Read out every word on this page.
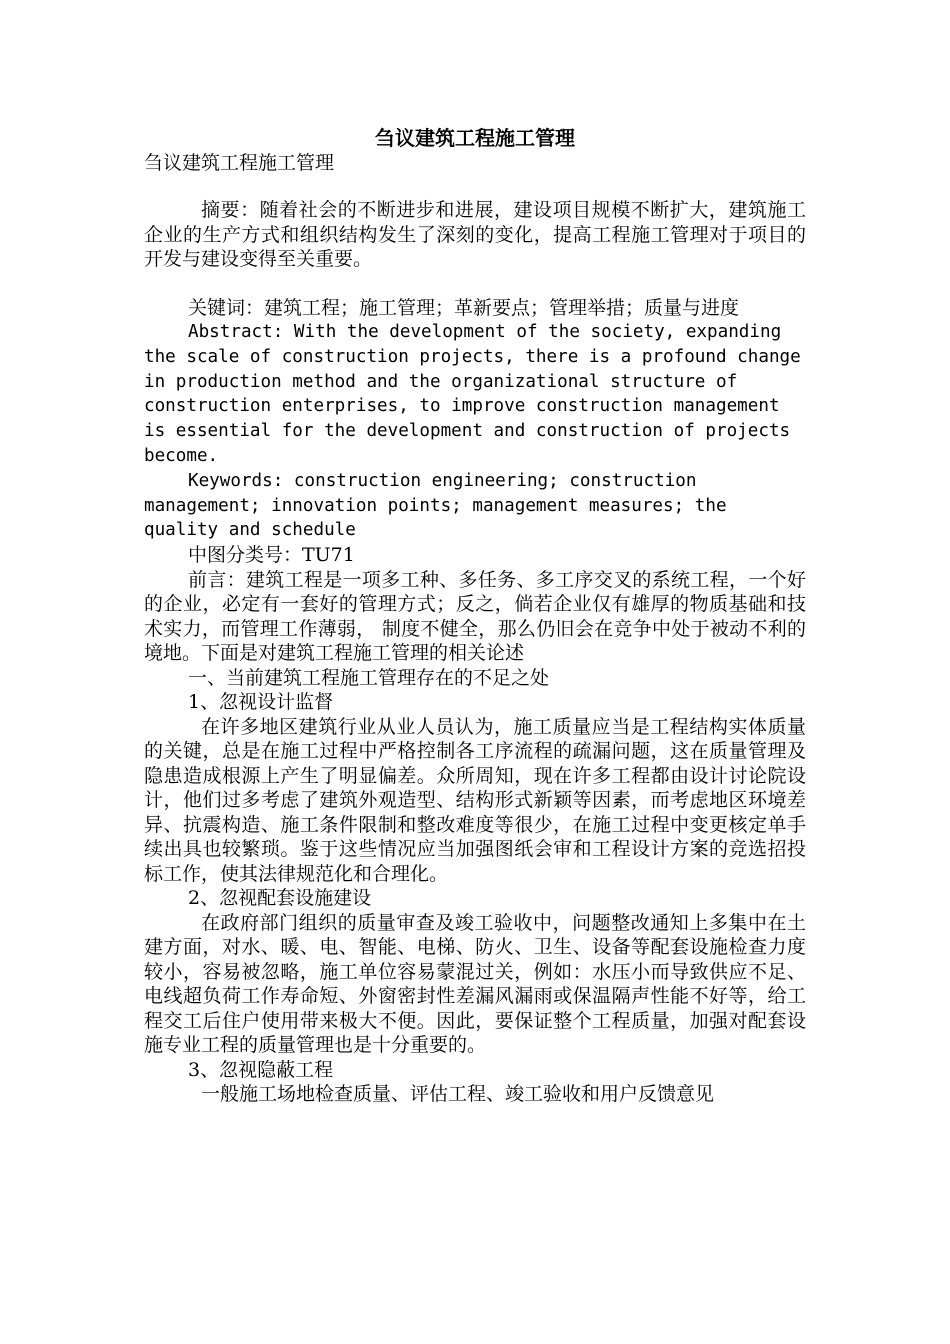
刍议建筑工程施工管理
刍议建筑工程施工管理

摘要：随着社会的不断进步和进展，建设项目规模不断扩大，建筑施工企业的生产方式和组织结构发生了深刻的变化，提高工程施工管理对于项目的开发与建设变得至关重要。

关键词：建筑工程；施工管理；革新要点；管理举措；质量与进度

Abstract: With the development of the society, expanding the scale of construction projects, there is a profound change in production method and the organizational structure of construction enterprises, to improve construction management is essential for the development and construction of projects become.

Keywords: construction engineering; construction management; innovation points; management measures; the quality and schedule

中图分类号：TU71

前言：建筑工程是一项多工种、多任务、多工序交叉的系统工程，一个好的企业，必定有一套好的管理方式；反之，倘若企业仅有雄厚的物质基础和技术实力，而管理工作薄弱， 制度不健全，那么仍旧会在竞争中处于被动不利的境地。下面是对建筑工程施工管理的相关论述

一、当前建筑工程施工管理存在的不足之处

1、忽视设计监督

在许多地区建筑行业从业人员认为，施工质量应当是工程结构实体质量的关键，总是在施工过程中严格控制各工序流程的疏漏问题，这在质量管理及隐患造成根源上产生了明显偏差。众所周知，现在许多工程都由设计讨论院设计，他们过多考虑了建筑外观造型、结构形式新颖等因素，而考虑地区环境差异、抗震构造、施工条件限制和整改难度等很少，在施工过程中变更核定单手续出具也较繁琐。鉴于这些情况应当加强图纸会审和工程设计方案的竞选招投标工作，使其法律规范化和合理化。

2、忽视配套设施建设

在政府部门组织的质量审查及竣工验收中，问题整改通知上多集中在土建方面，对水、暖、电、智能、电梯、防火、卫生、设备等配套设施检查力度较小，容易被忽略，施工单位容易蒙混过关，例如：水压小而导致供应不足、电线超负荷工作寿命短、外窗密封性差漏风漏雨或保温隔声性能不好等，给工程交工后住户使用带来极大不便。因此，要保证整个工程质量，加强对配套设施专业工程的质量管理也是十分重要的。

3、忽视隐蔽工程

一般施工场地检查质量、评估工程、竣工验收和用户反馈意见
